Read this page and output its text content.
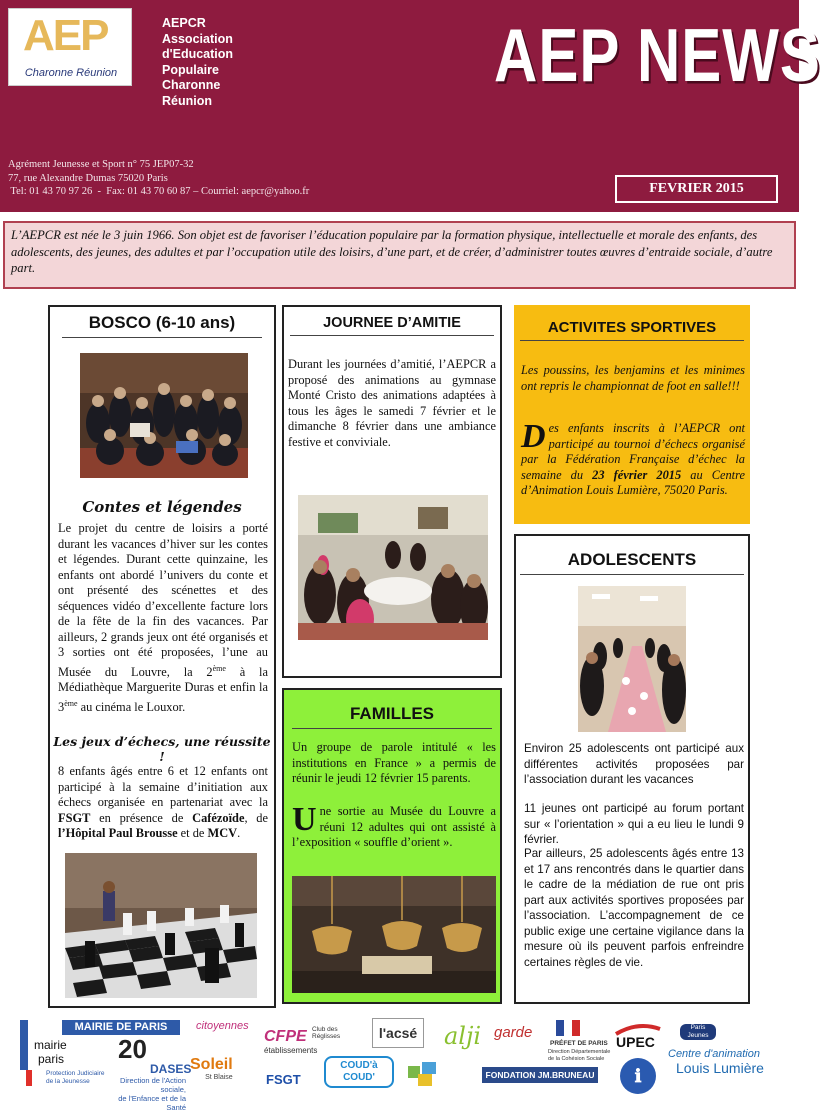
AEP
Charonne Réunion
AEPCR
Association
d'Education
Populaire
Charonne
Réunion
AEP NEWS
Agrément Jeunesse et Sport n° 75 JEP07-32
77, rue Alexandre Dumas 75020 Paris
Tel: 01 43 70 97 26  -  Fax: 01 43 70 60 87 – Courriel: aepcr@yahoo.fr	FEVRIER 2015
L’AEPCR est née le 3 juin 1966. Son objet est de favoriser l’éducation populaire par la formation physique, intellectuelle et morale des enfants, des adolescents, des jeunes, des adultes et par l’occupation utile des loisirs, d’une part, et de créer, d’administrer toutes œuvres d’entraide sociale, d’autre part.
BOSCO (6-10 ans)
Contes et légendes
Le projet du centre de loisirs a porté durant les vacances d’hiver sur les contes et légendes. Durant cette quinzaine, les enfants ont abordé l’univers du conte et ont présenté des scénettes et des séquences vidéo d’excellente facture lors de la fête de la fin des vacances. Par ailleurs, 2 grands jeux ont été organisés et 3 sorties ont été proposées, l’une au Musée du Louvre, la 2ème à la Médiathèque Marguerite Duras et enfin la 3ème au cinéma le Louxor.
Les jeux d’échecs, une réussite !
8 enfants âgés entre 6 et 12 enfants ont participé à la semaine d’initiation aux échecs organisée en partenariat avec la FSGT en présence de Cafézoïde, de l’Hôpital Paul Brousse et de MCV.
JOURNEE D’AMITIE
Durant les journées d’amitié, l’AEPCR a proposé des animations au gymnase Monté Cristo des animations adaptées à tous les âges le samedi 7 février et le dimanche 8 février dans une ambiance festive et conviviale.
FAMILLES
Un groupe de parole intitulé « les institutions en France » a permis de réunir le jeudi 12 février 15 parents.
Une sortie au Musée du Louvre a réuni 12 adultes qui ont assisté à l’exposition « souffle d’orient ».
ACTIVITES SPORTIVES
Les poussins, les benjamins et les minimes ont repris le championnat de foot en salle!!!
Des enfants inscrits à l’AEPCR ont participé au tournoi d’échecs organisé par la Fédération Française d’échec la semaine du 23 février 2015 au Centre d’Animation Louis Lumière, 75020 Paris.
ADOLESCENTS
Environ 25 adolescents ont participé aux différentes activités proposées par l’association durant les vacances
11 jeunes ont participé au forum portant sur « l’orientation » qui a eu lieu le lundi 9 février.
Par ailleurs, 25 adolescents âgés entre 13 et 17 ans rencontrés dans le quartier dans le cadre de la médiation de rue ont pris part aux activités sportives proposées par l’association. L’accompagnement de ce public exige une certaine vigilance dans la mesure où ils peuvent parfois enfreindre certaines règles de vie.
MAIRIE DE PARIS
mairie
paris 20
DASES
Direction de l'Action sociale,
de l'Enfance et de la Santé
Protection Judiciaire
de la Jeunesse
citoyennes
Soleil
St Blaise
CFPE
établissements
Club des Réglisses
FSGT
COUD'à COUD'
l'acsé alji garde
FONDATION JM.BRUNEAU
PRÉFET DE PARIS
Direction Départementale de la Cohésion Sociale
UPEC
ℹ
Paris Jeunes
Centre d'animation
Louis Lumière
